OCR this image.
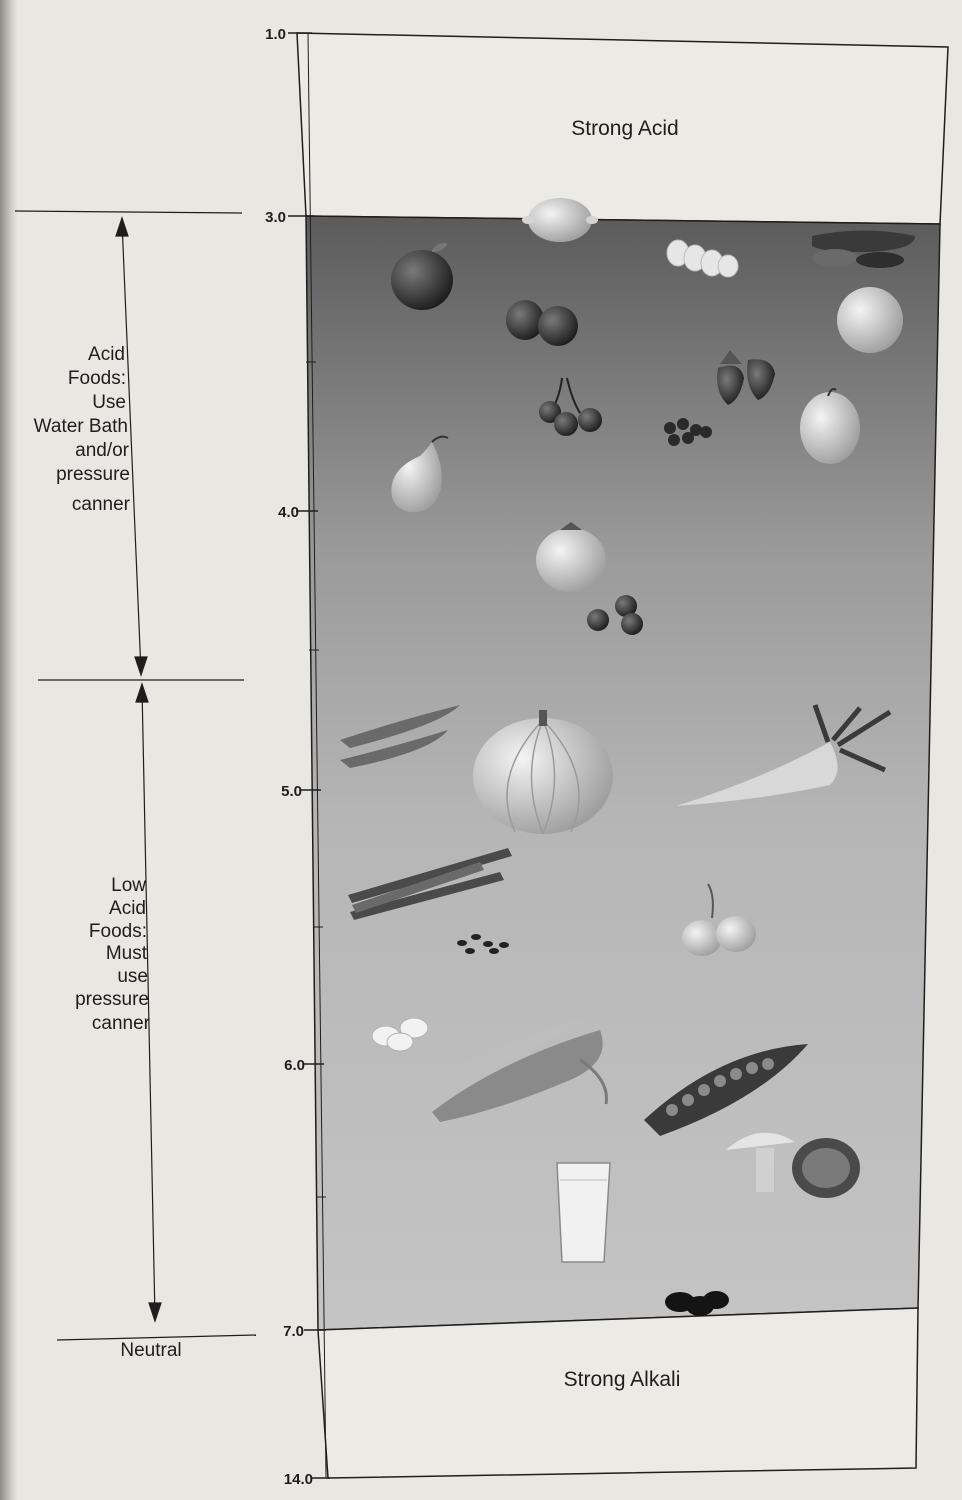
1.0
3.0
4.0
5.0
6.0
7.0
14.0
Strong Acid
Strong Alkali
Acid
Foods:
Use
Water Bath
and/or
pressure
canner
Low
Acid
Foods:
Must
use
pressure
canner
Neutral
